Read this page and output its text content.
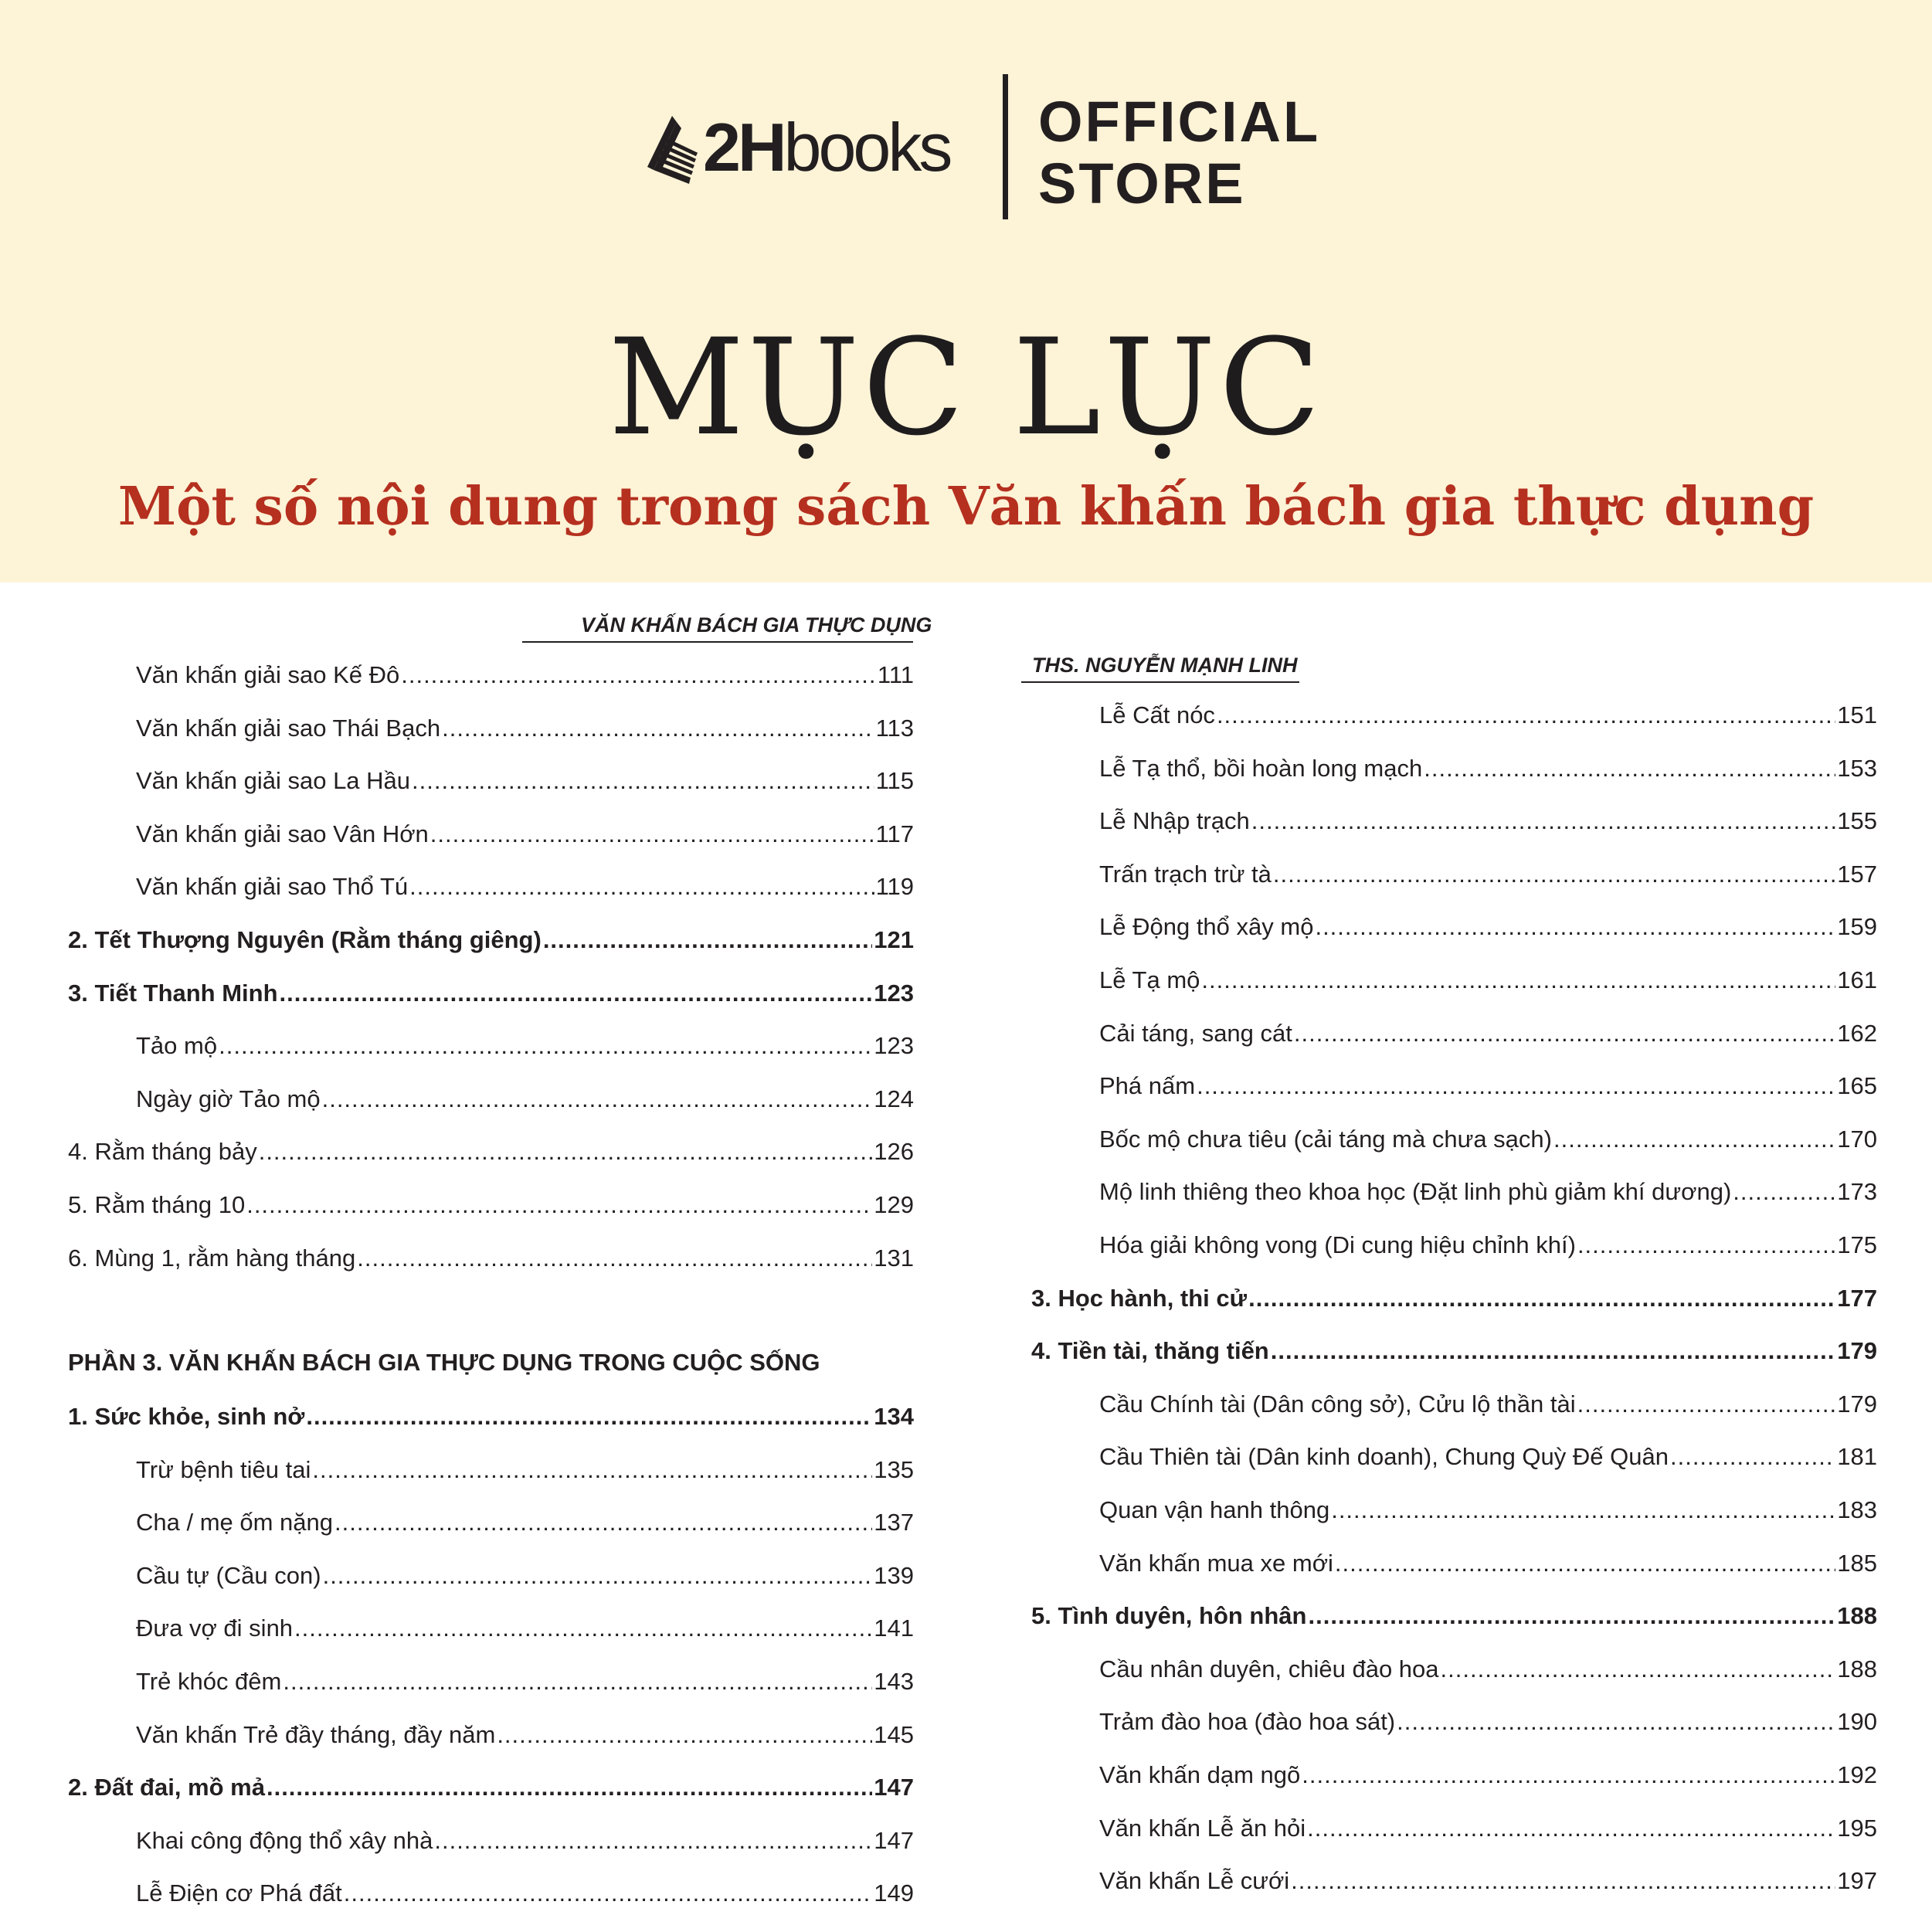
2Hbooks OFFICIAL
STORE
MỤC LỤC
Một số nội dung trong sách Văn khấn bách gia thực dụng
VĂN KHẤN BÁCH GIA THỰC DỤNG
THS. NGUYỄN MẠNH LINH
Văn khấn giải sao Kế Đô .....	111
Văn khấn giải sao Thái Bạch .....	113
Văn khấn giải sao La Hầu .....	115
Văn khấn giải sao Vân Hớn .....	117
Văn khấn giải sao Thổ Tú .....	119
2. Tết Thượng Nguyên (Rằm tháng giêng) .....	121
3. Tiết Thanh Minh .....	123
Tảo mộ .....	123
Ngày giờ Tảo mộ .....	124
4. Rằm tháng bảy .....	126
5. Rằm tháng 10 .....	129
6. Mùng 1, rằm hàng tháng .....	131
PHẦN 3. VĂN KHẤN BÁCH GIA THỰC DỤNG TRONG CUỘC SỐNG
1. Sức khỏe, sinh nở .....	134
Trừ bệnh tiêu tai .....	135
Cha / mẹ ốm nặng .....	137
Cầu tự (Cầu con) .....	139
Đưa vợ đi sinh .....	141
Trẻ khóc đêm .....	143
Văn khấn Trẻ đầy tháng, đầy năm .....	145
2. Đất đai, mồ mả .....	147
Khai công động thổ xây nhà .....	147
Lễ Điện cơ Phá đất .....	149
Lễ Cất nóc .....	151
Lễ Tạ thổ, bồi hoàn long mạch .....	153
Lễ Nhập trạch .....	155
Trấn trạch trừ tà .....	157
Lễ Động thổ xây mộ .....	159
Lễ Tạ mộ .....	161
Cải táng, sang cát .....	162
Phá nấm .....	165
Bốc mộ chưa tiêu (cải táng mà chưa sạch) .....	170
Mộ linh thiêng theo khoa học (Đặt linh phù giảm khí dương) .....	173
Hóa giải không vong (Di cung hiệu chỉnh khí) .....	175
3. Học hành, thi cử .....	177
4. Tiền tài, thăng tiến .....	179
Cầu Chính tài (Dân công sở), Cửu lộ thần tài .....	179
Cầu Thiên tài (Dân kinh doanh), Chung Quỳ Đế Quân .....	181
Quan vận hanh thông .....	183
Văn khấn mua xe mới .....	185
5. Tình duyên, hôn nhân .....	188
Cầu nhân duyên, chiêu đào hoa .....	188
Trảm đào hoa (đào hoa sát) .....	190
Văn khấn dạm ngõ .....	192
Văn khấn Lễ ăn hỏi .....	195
Văn khấn Lễ cưới .....	197
